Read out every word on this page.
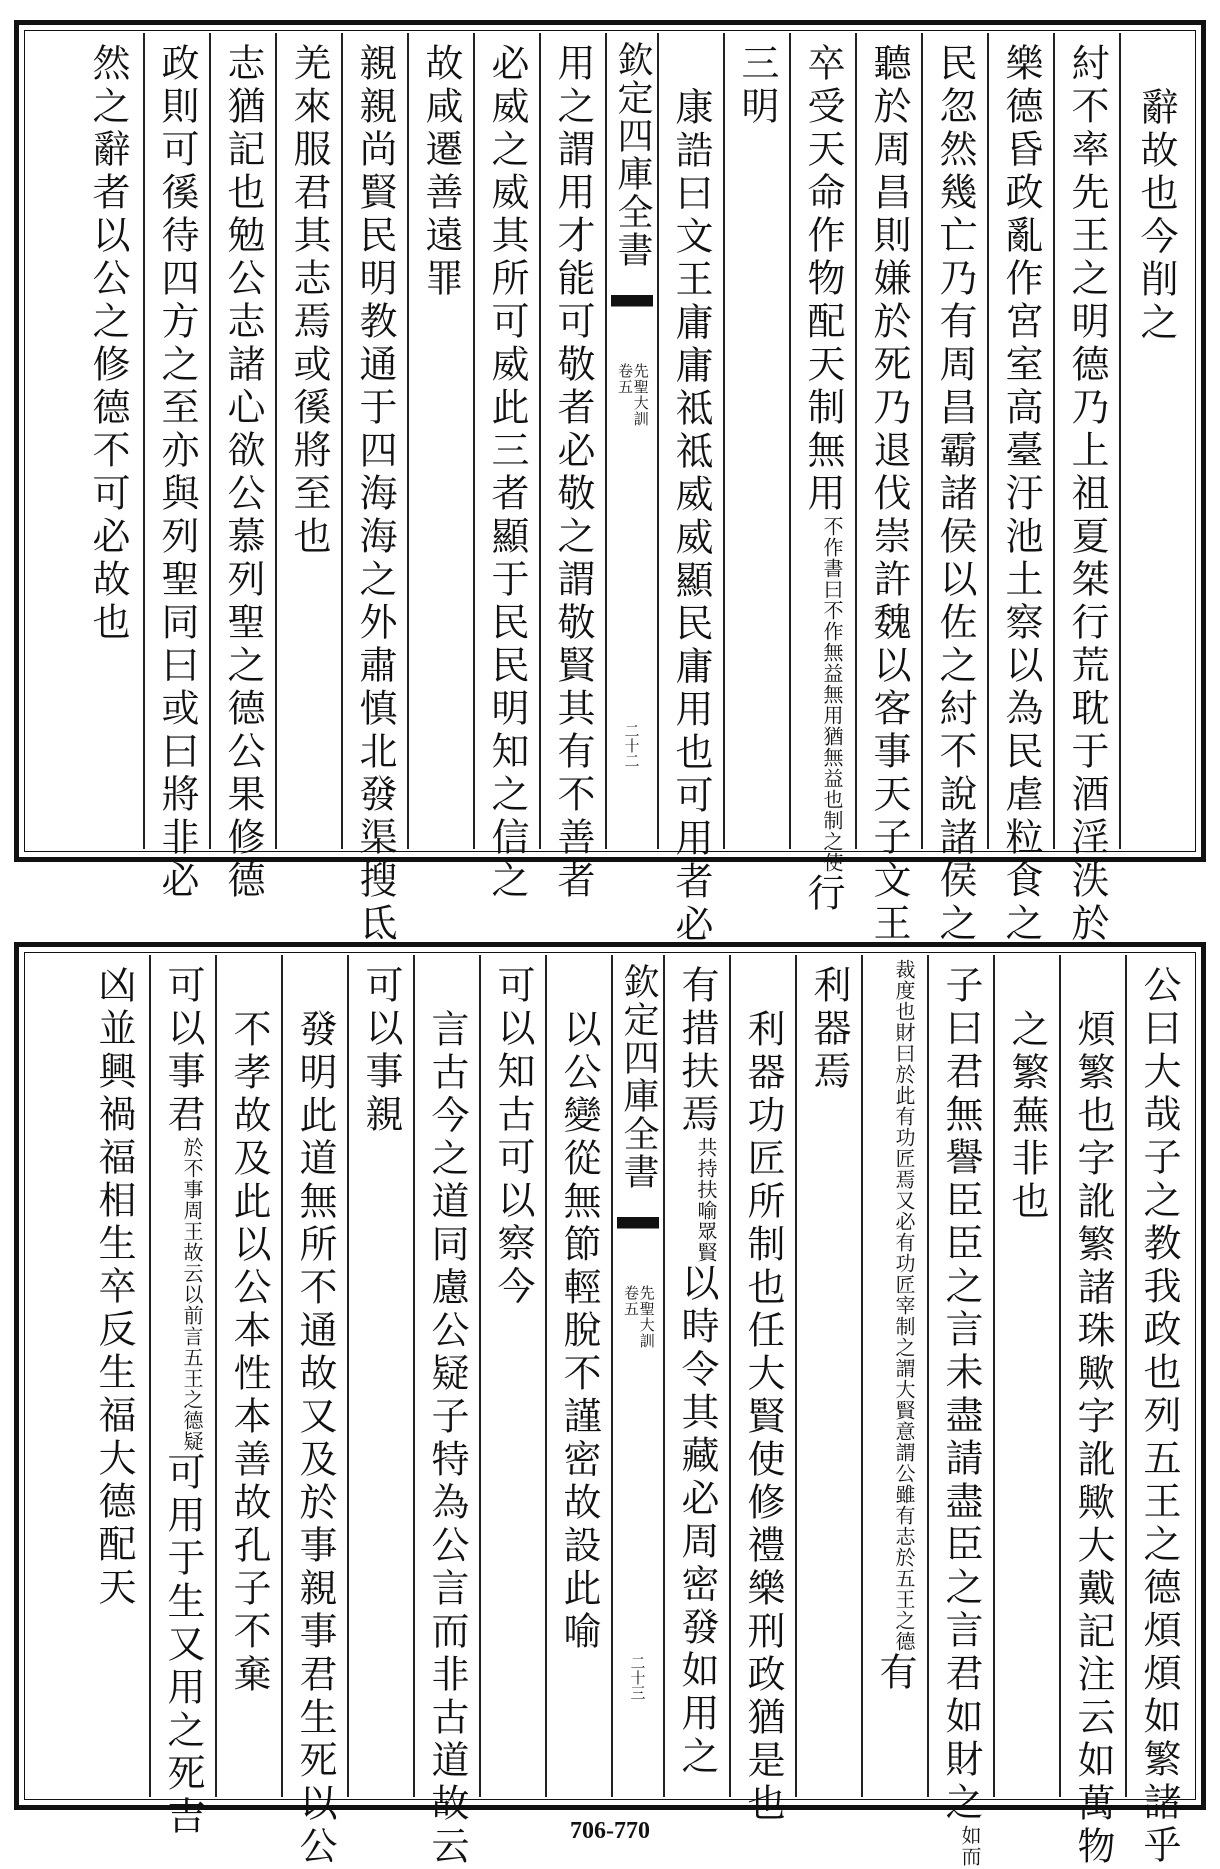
辭故也今削之
紂不率先王之明德乃上祖夏桀行荒耽于酒淫泆於
樂德昏政亂作宮室高臺汙池土察以為民虐粒食之
民忽然幾亡乃有周昌霸諸侯以佐之紂不說諸侯之
聽於周昌則嫌於死乃退伐崇許魏以客事天子文王
卒受天命作物配天制無用
無用猶無益也制之使
不作書曰不作無益
行
三明
康誥曰文王庸庸祗祗威威顯民庸用也可用者必
欽定四庫全書
先聖大訓
卷五
二十二
用之謂用才能可敬者必敬之謂敬賢其有不善者
必威之威其所可威此三者顯于民民明知之信之
故咸遷善遠罪
親親尚賢民明教通于四海海之外肅慎北發渠搜氐
羌來服君其志焉或徯將至也
志猶記也勉公志諸心欲公慕列聖之德公果修德
政則可徯待四方之至亦與列聖同曰或曰將非必
然之辭者以公之修德不可必故也
公曰大哉子之教我政也列五王之德煩煩如繁諸乎
煩繁也字訛繁諸珠歟字訛歟大戴記注云如萬物
之繁蕪非也
子曰君無譽臣臣之言未盡請盡臣之言君如財之
如而
也財曰於此有功匠焉
裁度
意謂公雖有志於五王之德
又必有功匠宰制之謂大賢
有
利器焉
利器功匠所制也任大賢使修禮樂刑政猶是也
有措扶焉
喻眾賢
共持扶
以時令其藏必周密發如用之
欽定四庫全書
先聖大訓
卷五
二十三
以公變從無節輕脫不謹密故設此喻
可以知古可以察今
言古今之道同慮公疑子特為公言而非古道故云
可以事親
發明此道無所不通故又及於事親事君生死以公
不孝故及此以公本性本善故孔子不棄
可以事君
以前言五王之德疑
於不事周王故云
可用于生又用之死吉
凶並興禍福相生卒反生福大德配天
706-770
